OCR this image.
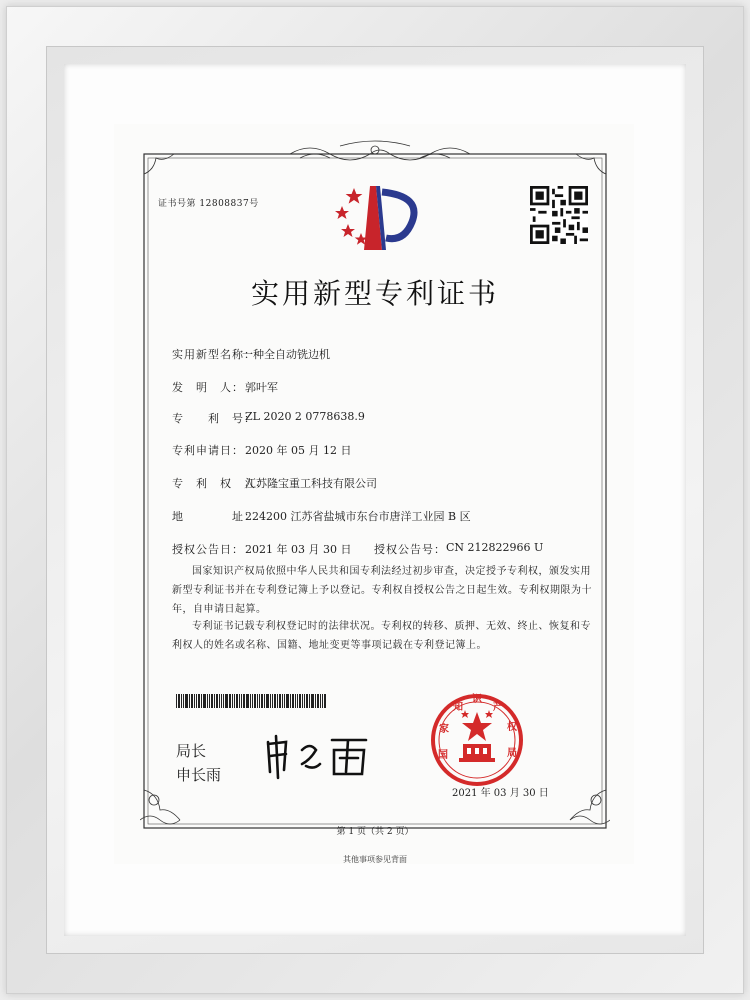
证书号第 12808837号
实用新型专利证书
实用新型名称：
一种全自动铣边机
发　明　人： 郭叶军
专　　利　号：
ZL 2020 2 0778638.9
专利申请日： 2020 年 05 月 12 日
专　利　权　人：
江苏隆宝重工科技有限公司
地　　　　址：
224200 江苏省盐城市东台市唐洋工业园 B 区
授权公告日： 2021 年 03 月 30 日 授权公告号： CN 212822966 U
国家知识产权局依照中华人民共和国专利法经过初步审查，决定授予专利权，颁发实用新型专利证书并在专利登记簿上予以登记。专利权自授权公告之日起生效。专利权期限为十年，自申请日起算。
专利证书记载专利权登记时的法律状况。专利权的转移、质押、无效、终止、恢复和专利权人的姓名或名称、国籍、地址变更等事项记载在专利登记簿上。
局长
申长雨
国
家
知
识
产
权
局
2021 年 03 月 30 日
第 1 页（共 2 页）
其他事项参见背面
